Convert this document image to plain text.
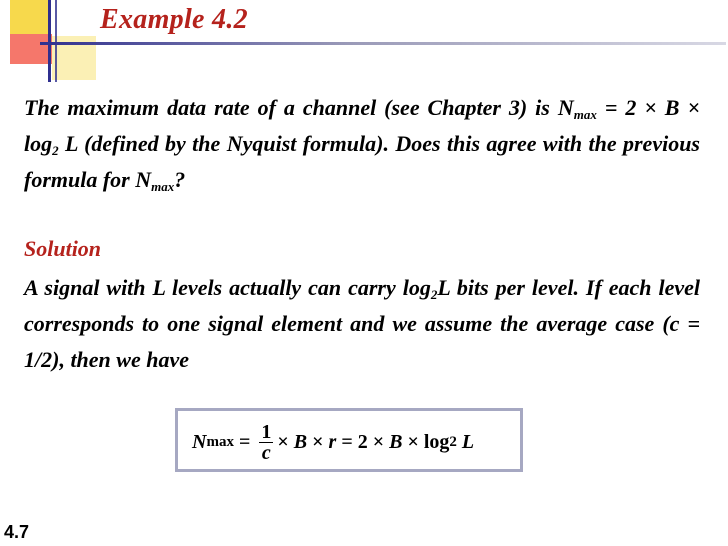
Example 4.2

The maximum data rate of a channel (see Chapter 3) is $N_{max} = 2 \times B \times \log_2 L$ (defined by the Nyquist formula). Does this agree with the previous formula for $N_{max}$?

Solution

A signal with L levels actually can carry $\log_2L$ bits per level. If each level corresponds to one signal element and we assume the average case (c = 1/2), then we have

N $\max = \frac{1}{c} \times B \times r = 2 \times B \times \log 2$ L

4.7
